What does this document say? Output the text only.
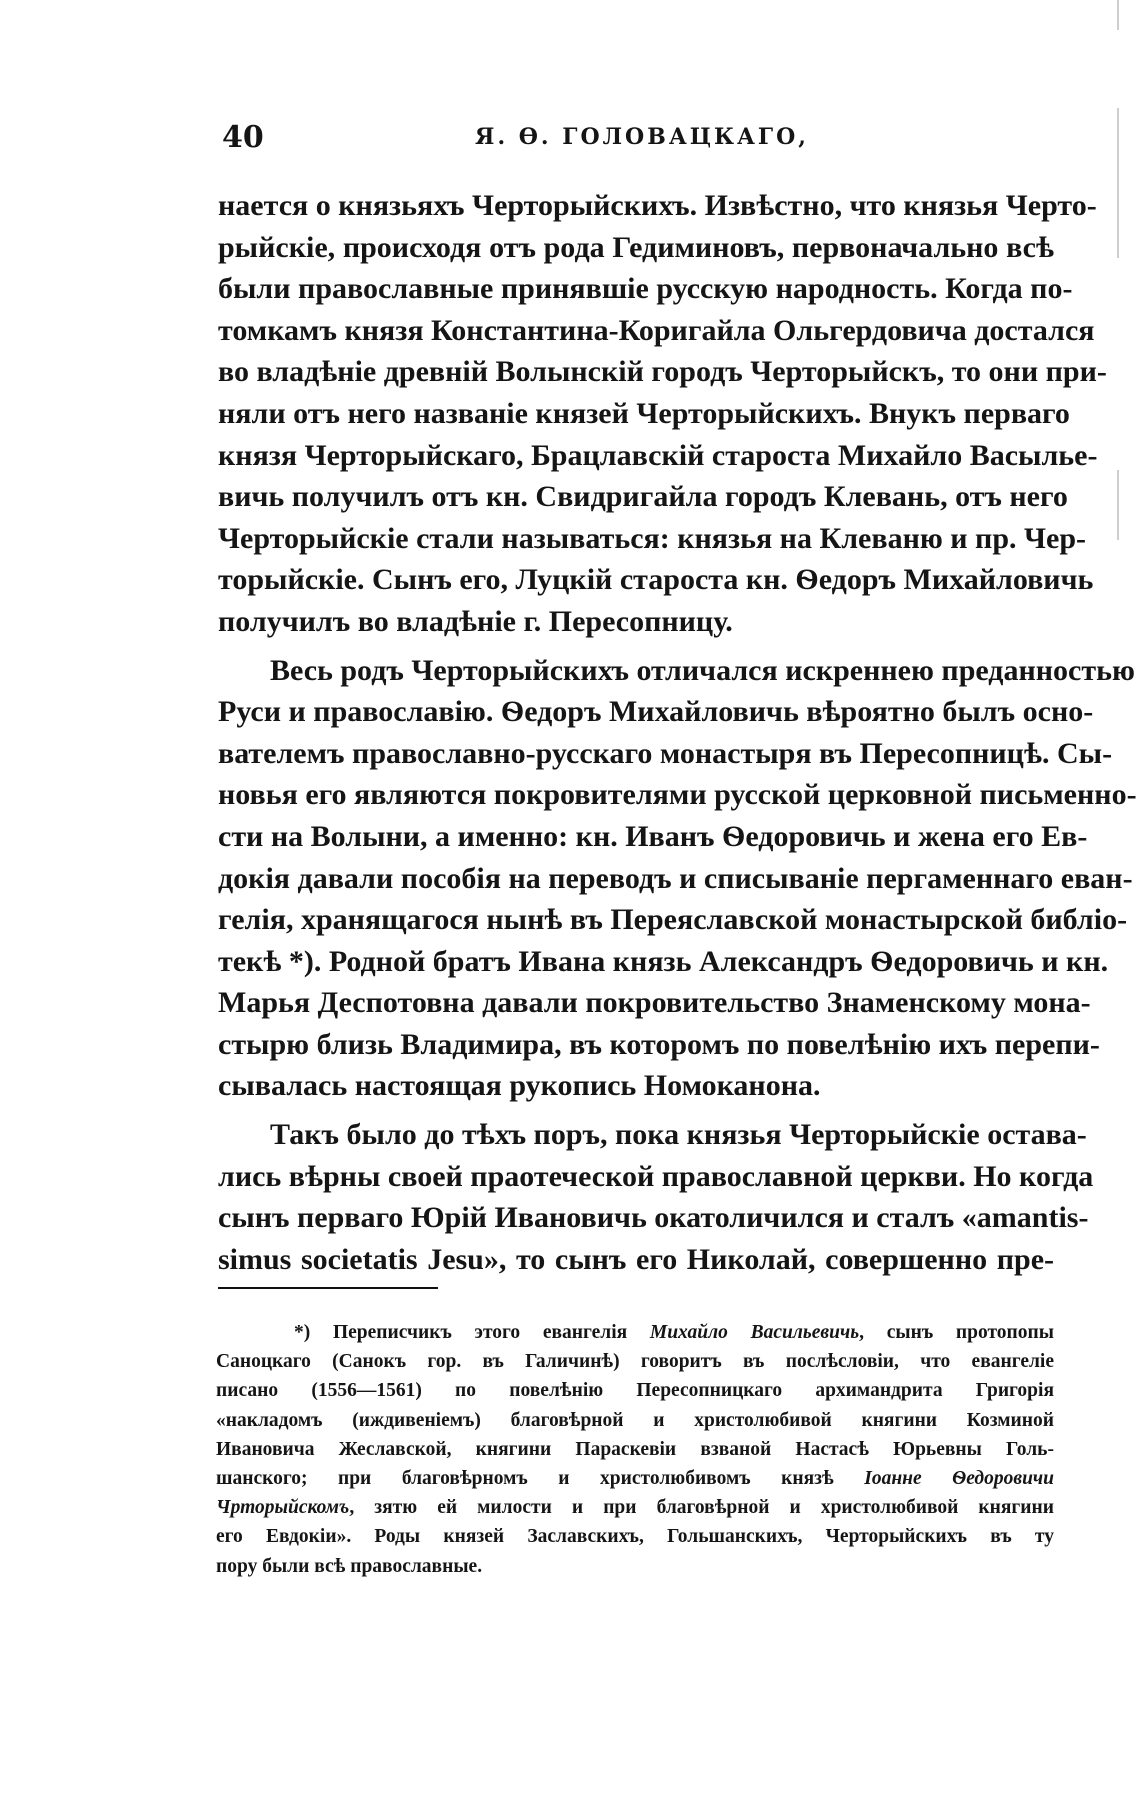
40	Я. Ѳ. ГОЛОВАЦКАГО,
нается о князьяхъ Черторыйскихъ. Извѣстно, что князья Черто-
рыйскіе, происходя отъ рода Гедиминовъ, первоначально всѣ
были православные принявшіе русскую народность. Когда по-
томкамъ князя Константина-Коригайла Ольгердовича достался
во владѣніе древній Волынскій городъ Черторыйскъ, то они при-
няли отъ него названіе князей Черторыйскихъ. Внукъ перваго
князя Черторыйскаго, Брацлавскій староста Михайло Васылье-
вичь получилъ отъ кн. Свидригайла городъ Клевань, отъ него
Черторыйскіе стали называться: князья на Клеваню и пр. Чер-
торыйскіе. Сынъ его, Луцкій староста кн. Ѳедоръ Михайловичь
получилъ во владѣніе г. Пересопницу.
Весь родъ Черторыйскихъ отличался искреннею преданностью
Руси и православію. Ѳедоръ Михайловичь вѣроятно былъ осно-
вателемъ православно-русскаго монастыря въ Пересопницѣ. Сы-
новья его являются покровителями русской церковной письменно-
сти на Волыни, а именно: кн. Иванъ Ѳедоровичь и жена его Ев-
докія давали пособія на переводъ и списываніе пергаменнаго еван-
гелія, хранящагося нынѣ въ Переяславской монастырской библіо-
текѣ *). Родной братъ Ивана князь Александръ Ѳедоровичь и кн.
Марья Деспотовна давали покровительство Знаменскому мона-
стырю близь Владимира, въ которомъ по повелѣнію ихъ перепи-
сывалась настоящая рукопись Номоканона.
Такъ было до тѣхъ поръ, пока князья Черторыйскіе остава-
лись вѣрны своей праотеческой православной церкви. Но когда
сынъ перваго Юрій Ивановичь окатоличился и сталъ «amantis-
simus societatis Jesu», то сынъ его Николай, совершенно пре-
*) Переписчикъ этого евангелія Михайло Васильевичь, сынъ протопопы
Саноцкаго (Санокъ гор. въ Галичинѣ) говоритъ въ послѣсловіи, что евангеліе
писано (1556—1561) по повелѣнію Пересопницкаго архимандрита Григорія
«накладомъ (иждивеніемъ) благовѣрной и христолюбивой княгини Козминой
Ивановича Жеславской, княгини Параскевіи взваной Настасѣ Юрьевны Голь-
шанского; при благовѣрномъ и христолюбивомъ князѣ Іоанне Ѳедоровичи
Чрторыйскомъ, зятю ей милости и при благовѣрной и христолюбивой княгини
его Евдокіи». Роды князей Заславскихъ, Гольшанскихъ, Черторыйскихъ въ ту
пору были всѣ православные.
